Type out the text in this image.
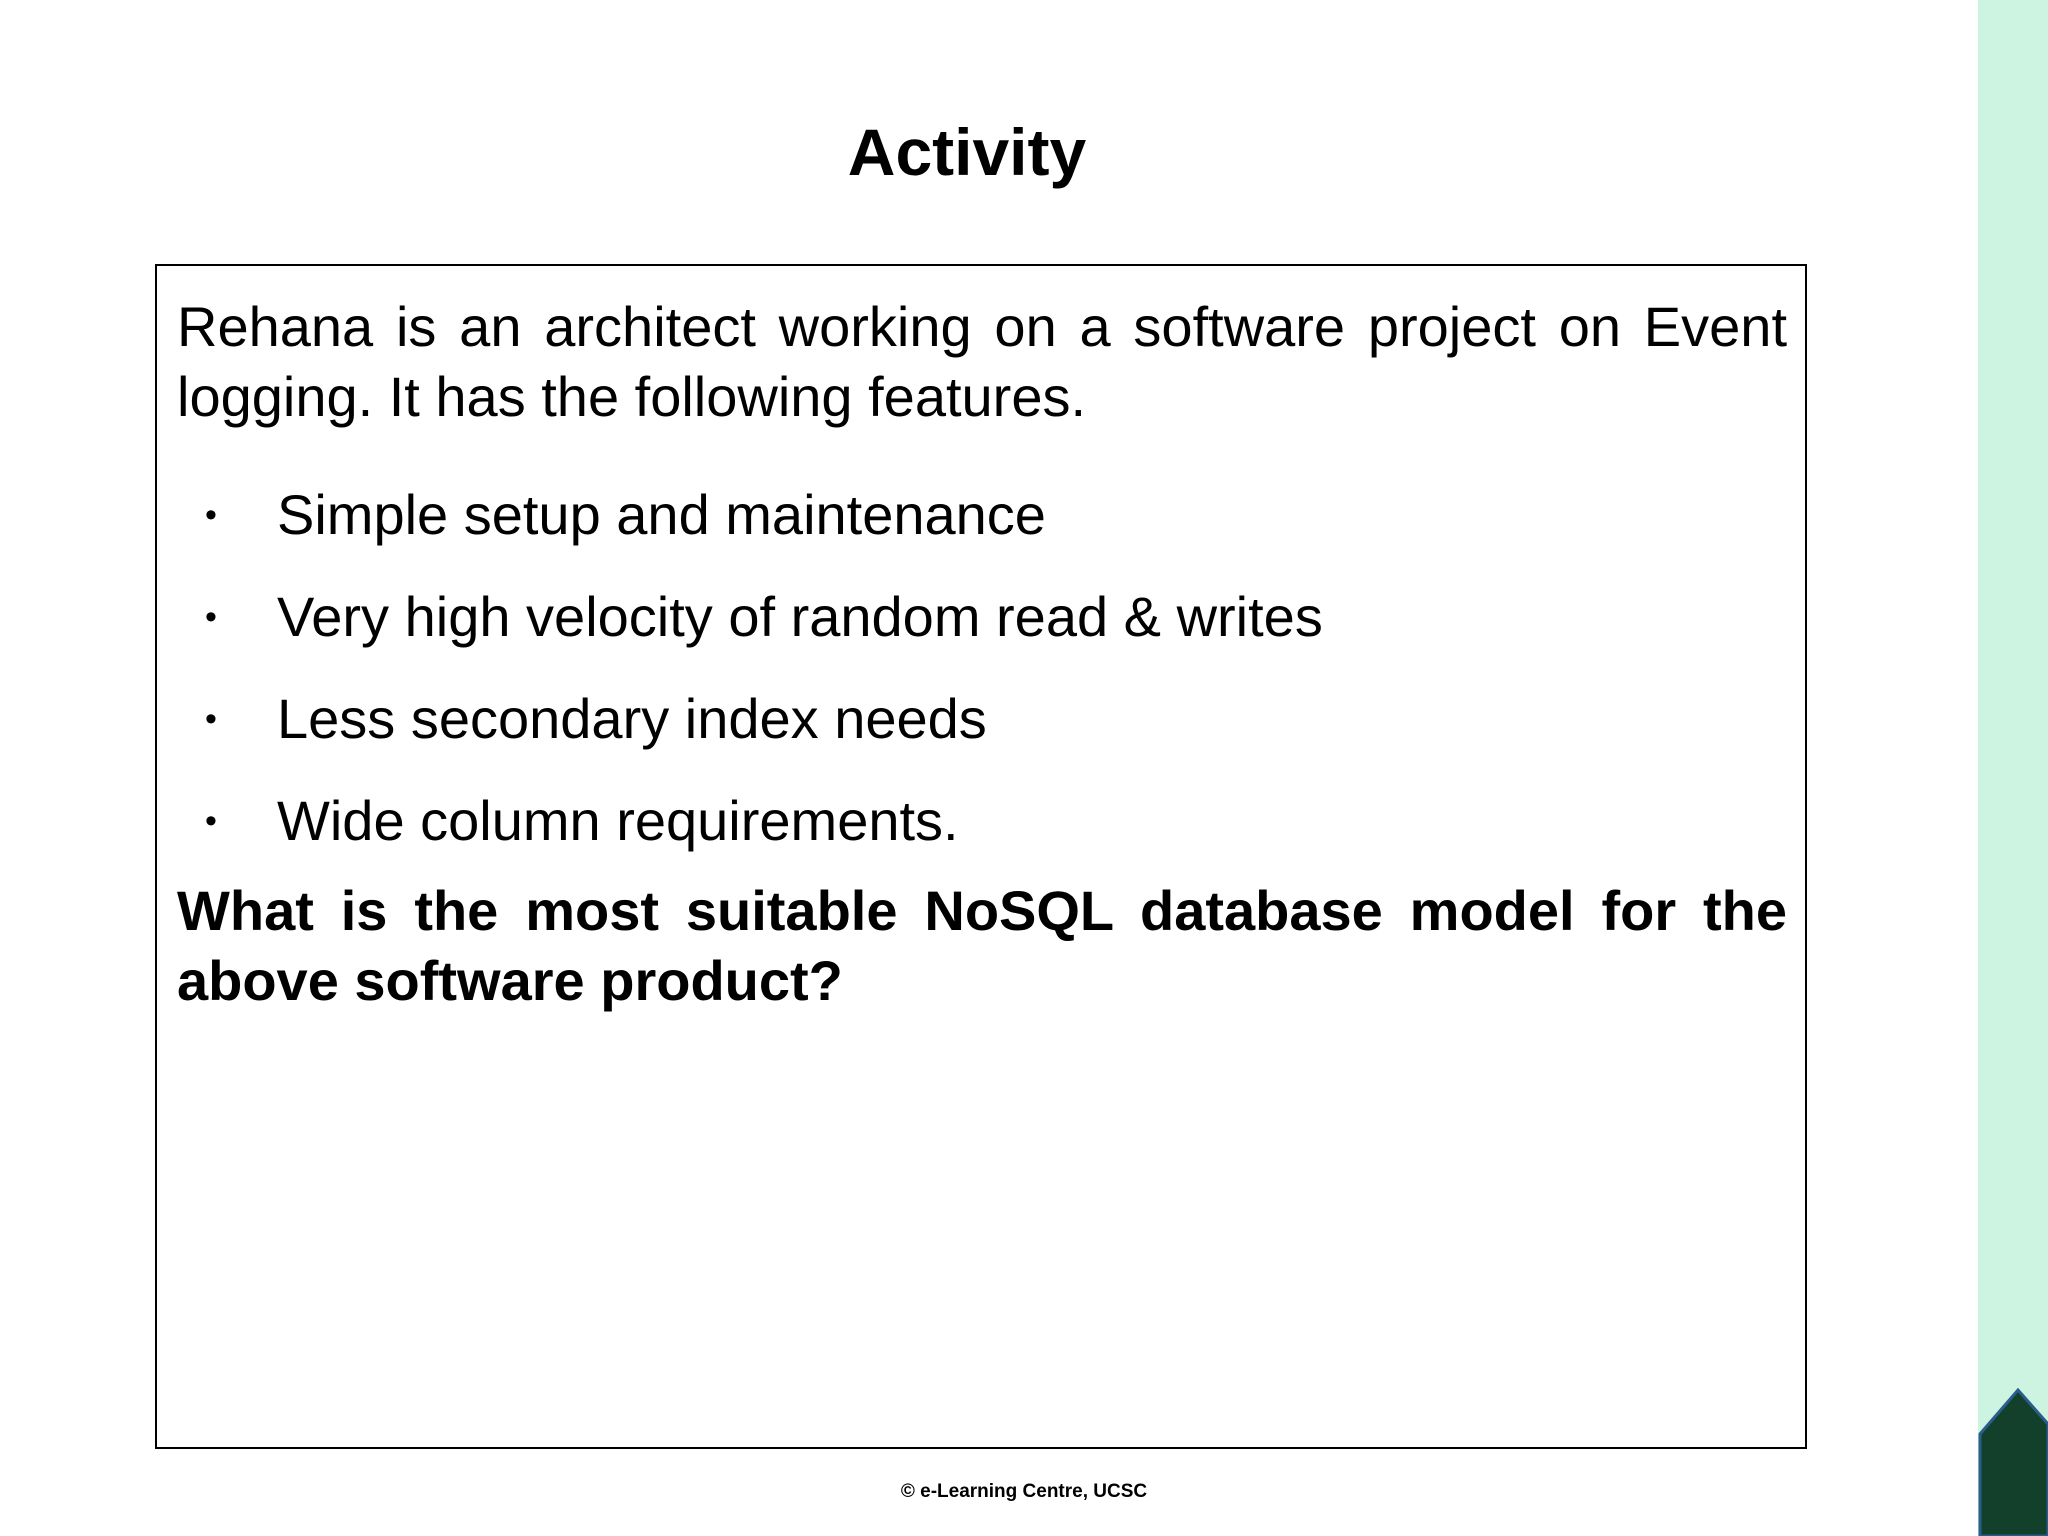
Activity

Rehana is an architect working on a software project on Event logging. It has the following features.

• Simple setup and maintenance
• Very high velocity of random read & writes
• Less secondary index needs
• Wide column requirements.

What is the most suitable NoSQL database model for the above software product?

© e-Learning Centre, UCSC
